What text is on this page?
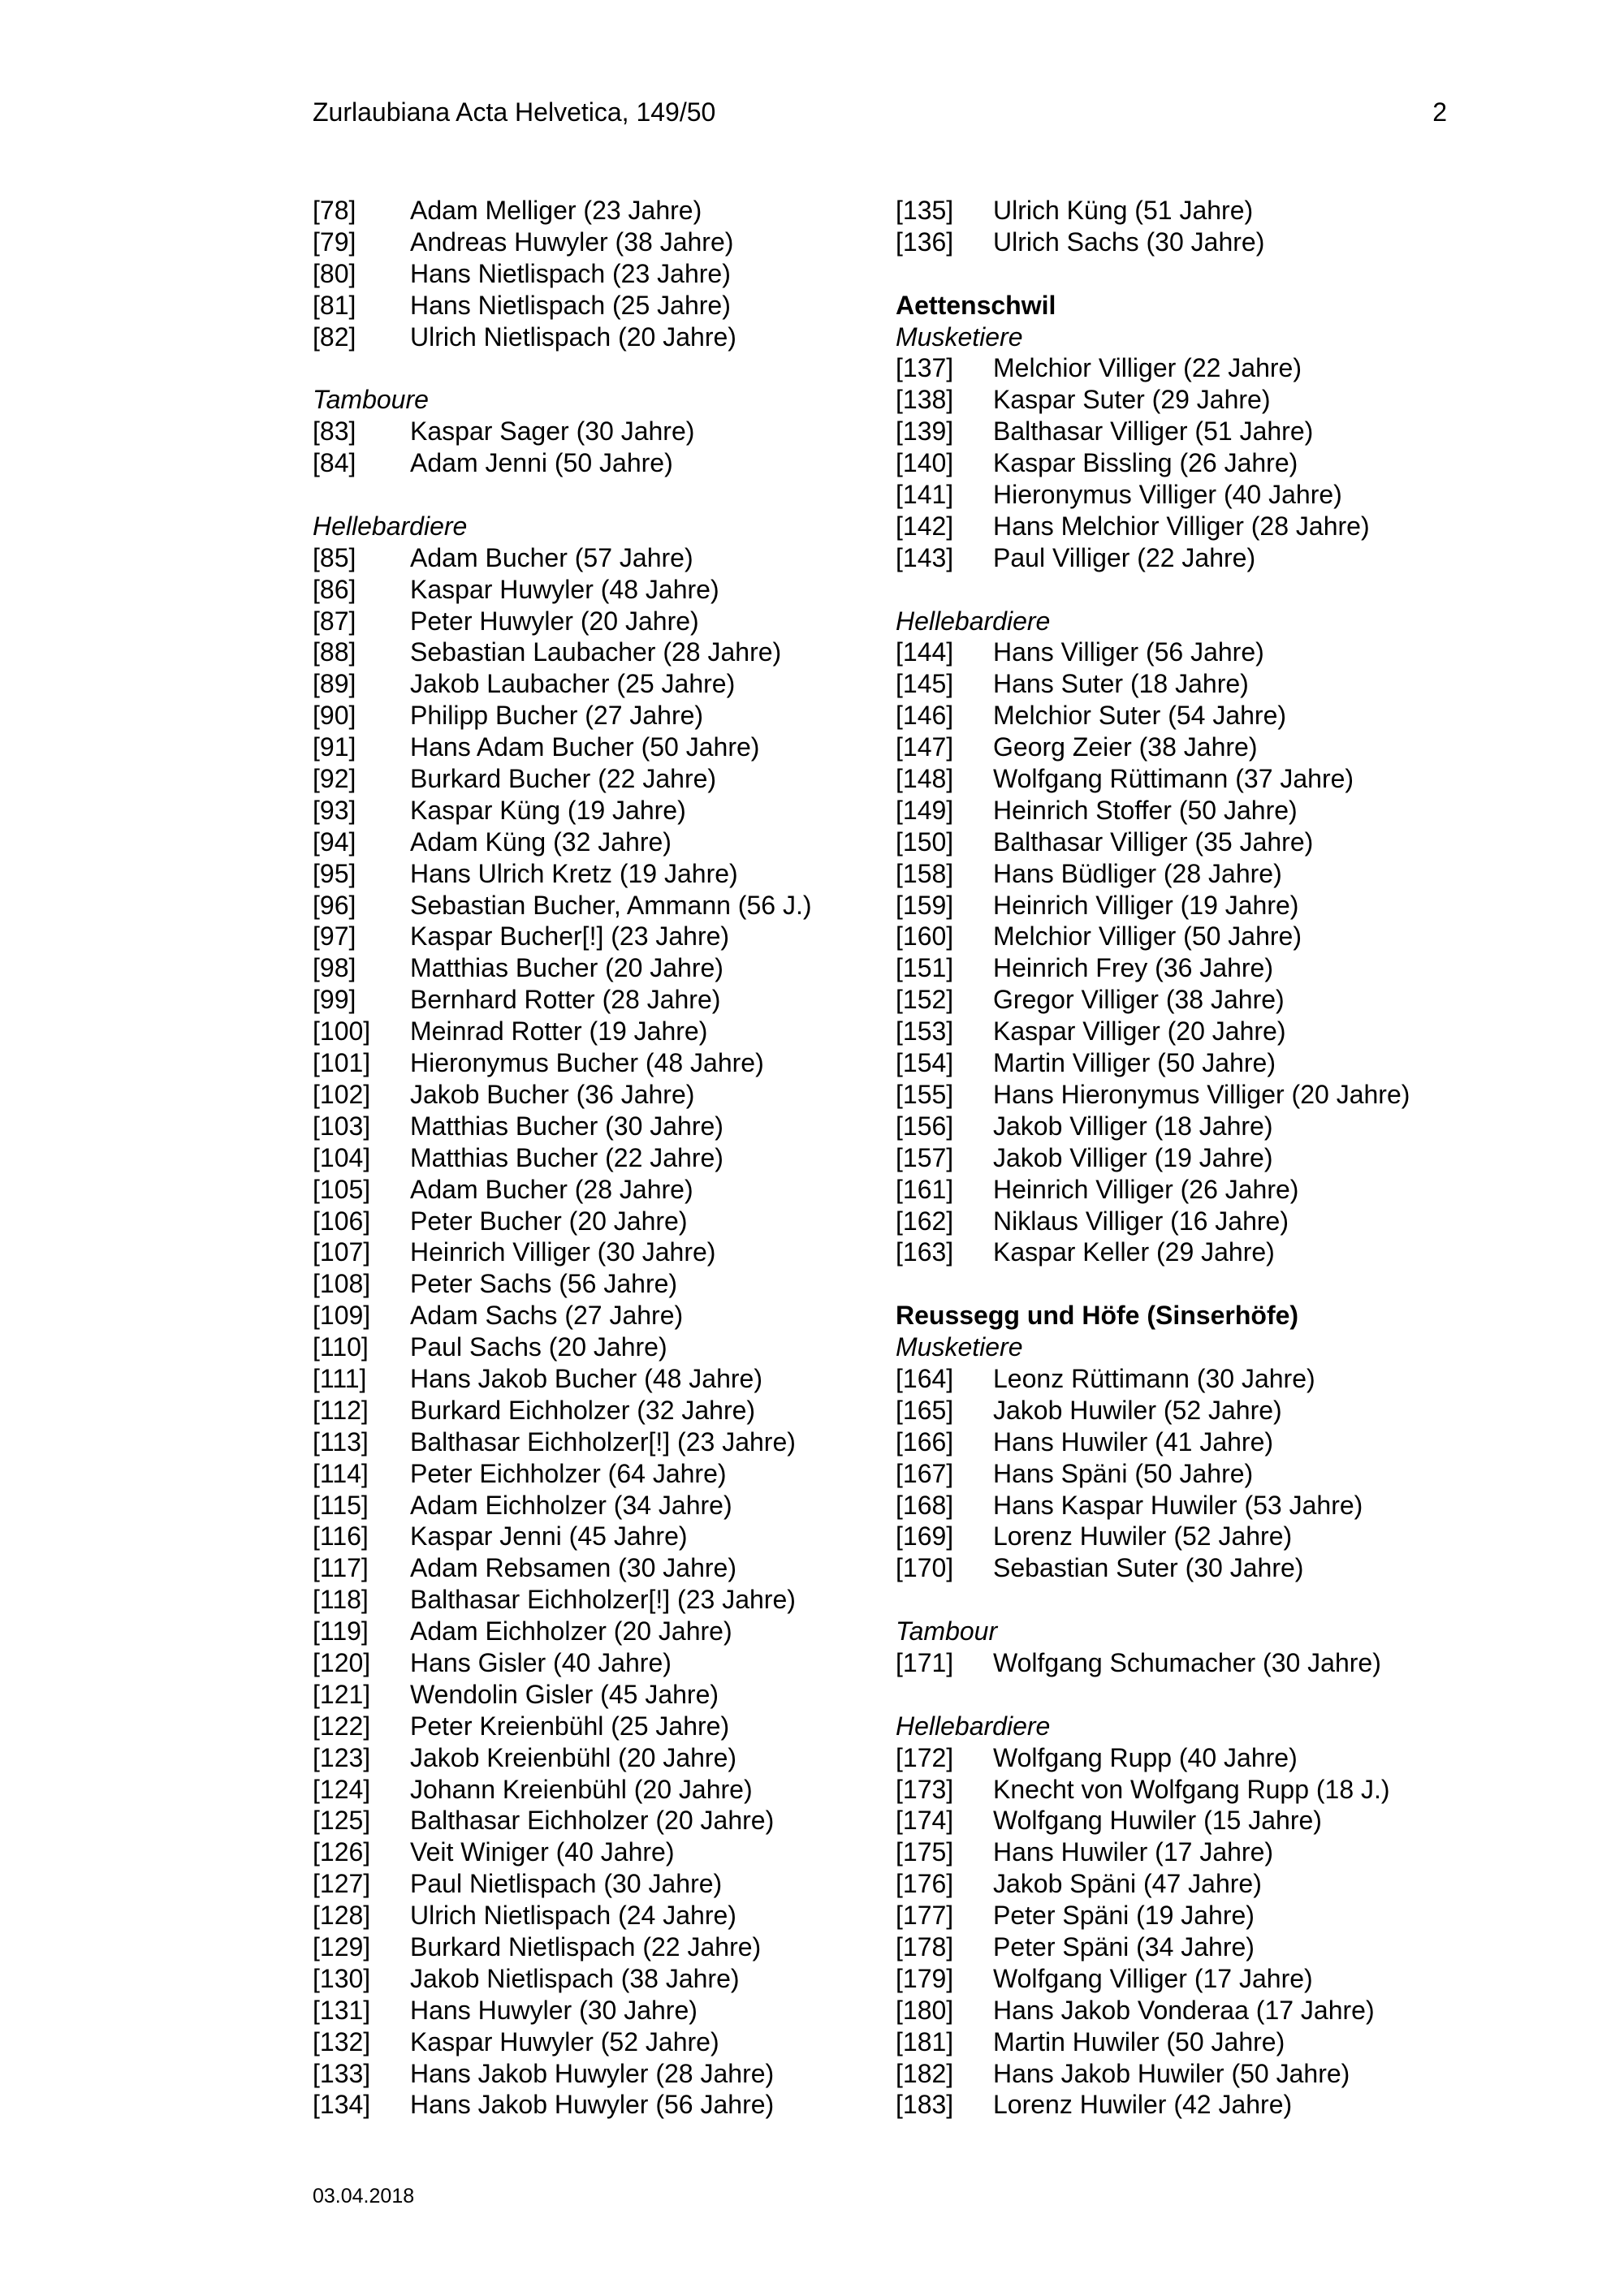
Zurlaubiana Acta Helvetica, 149/50	2
[78]	Adam Melliger (23 Jahre)
[79]	Andreas Huwyler (38 Jahre)
[80]	Hans Nietlispach (23 Jahre)
[81]	Hans Nietlispach (25 Jahre)
[82]	Ulrich Nietlispach (20 Jahre)
Tamboure
[83]	Kaspar Sager (30 Jahre)
[84]	Adam Jenni (50 Jahre)
Hellebardiere
[85]	Adam Bucher (57 Jahre)
[86]	Kaspar Huwyler (48 Jahre)
[87]	Peter Huwyler (20 Jahre)
[88]	Sebastian Laubacher (28 Jahre)
[89]	Jakob Laubacher (25 Jahre)
[90]	Philipp Bucher (27 Jahre)
[91]	Hans Adam Bucher (50 Jahre)
[92]	Burkard Bucher (22 Jahre)
[93]	Kaspar Küng (19 Jahre)
[94]	Adam Küng (32 Jahre)
[95]	Hans Ulrich Kretz (19 Jahre)
[96]	Sebastian Bucher, Ammann (56 J.)
[97]	Kaspar Bucher[!] (23 Jahre)
[98]	Matthias Bucher (20 Jahre)
[99]	Bernhard Rotter (28 Jahre)
[100]	Meinrad Rotter (19 Jahre)
[101]	Hieronymus Bucher (48 Jahre)
[102]	Jakob Bucher (36 Jahre)
[103]	Matthias Bucher (30 Jahre)
[104]	Matthias Bucher (22 Jahre)
[105]	Adam Bucher (28 Jahre)
[106]	Peter Bucher (20 Jahre)
[107]	Heinrich Villiger (30 Jahre)
[108]	Peter Sachs (56 Jahre)
[109]	Adam Sachs (27 Jahre)
[110]	Paul Sachs (20 Jahre)
[111]	Hans Jakob Bucher (48 Jahre)
[112]	Burkard Eichholzer (32 Jahre)
[113]	Balthasar Eichholzer[!] (23 Jahre)
[114]	Peter Eichholzer (64 Jahre)
[115]	Adam Eichholzer (34 Jahre)
[116]	Kaspar Jenni (45 Jahre)
[117]	Adam Rebsamen (30 Jahre)
[118]	Balthasar Eichholzer[!] (23 Jahre)
[119]	Adam Eichholzer (20 Jahre)
[120]	Hans Gisler (40 Jahre)
[121]	Wendolin Gisler (45 Jahre)
[122]	Peter Kreienbühl (25 Jahre)
[123]	Jakob Kreienbühl (20 Jahre)
[124]	Johann Kreienbühl (20 Jahre)
[125]	Balthasar Eichholzer (20 Jahre)
[126]	Veit Winiger (40 Jahre)
[127]	Paul Nietlispach (30 Jahre)
[128]	Ulrich Nietlispach (24 Jahre)
[129]	Burkard Nietlispach (22 Jahre)
[130]	Jakob Nietlispach (38 Jahre)
[131]	Hans Huwyler (30 Jahre)
[132]	Kaspar Huwyler (52 Jahre)
[133]	Hans Jakob Huwyler (28 Jahre)
[134]	Hans Jakob Huwyler (56 Jahre)
[135]	Ulrich Küng (51 Jahre)
[136]	Ulrich Sachs (30 Jahre)
Aettenschwil
Musketiere
[137]	Melchior Villiger (22 Jahre)
[138]	Kaspar Suter (29 Jahre)
[139]	Balthasar Villiger (51 Jahre)
[140]	Kaspar Bissling (26 Jahre)
[141]	Hieronymus Villiger (40 Jahre)
[142]	Hans Melchior Villiger (28 Jahre)
[143]	Paul Villiger (22 Jahre)
Hellebardiere
[144]	Hans Villiger (56 Jahre)
[145]	Hans Suter (18 Jahre)
[146]	Melchior Suter (54 Jahre)
[147]	Georg Zeier (38 Jahre)
[148]	Wolfgang Rüttimann (37 Jahre)
[149]	Heinrich Stoffer (50 Jahre)
[150]	Balthasar Villiger (35 Jahre)
[158]	Hans Büdliger (28 Jahre)
[159]	Heinrich Villiger (19 Jahre)
[160]	Melchior Villiger (50 Jahre)
[151]	Heinrich Frey (36 Jahre)
[152]	Gregor Villiger (38 Jahre)
[153]	Kaspar Villiger (20 Jahre)
[154]	Martin Villiger (50 Jahre)
[155]	Hans Hieronymus Villiger (20 Jahre)
[156]	Jakob Villiger (18 Jahre)
[157]	Jakob Villiger (19 Jahre)
[161]	Heinrich Villiger (26 Jahre)
[162]	Niklaus Villiger (16 Jahre)
[163]	Kaspar Keller (29 Jahre)
Reussegg und Höfe (Sinserhöfe)
Musketiere
[164]	Leonz Rüttimann (30 Jahre)
[165]	Jakob Huwiler (52 Jahre)
[166]	Hans Huwiler (41 Jahre)
[167]	Hans Späni (50 Jahre)
[168]	Hans Kaspar Huwiler (53 Jahre)
[169]	Lorenz Huwiler (52 Jahre)
[170]	Sebastian Suter (30 Jahre)
Tambour
[171]	Wolfgang Schumacher (30 Jahre)
Hellebardiere
[172]	Wolfgang Rupp (40 Jahre)
[173]	Knecht von Wolfgang Rupp (18 J.)
[174]	Wolfgang Huwiler (15 Jahre)
[175]	Hans Huwiler (17 Jahre)
[176]	Jakob Späni (47 Jahre)
[177]	Peter Späni (19 Jahre)
[178]	Peter Späni (34 Jahre)
[179]	Wolfgang Villiger (17 Jahre)
[180]	Hans Jakob Vonderaa (17 Jahre)
[181]	Martin Huwiler (50 Jahre)
[182]	Hans Jakob Huwiler (50 Jahre)
[183]	Lorenz Huwiler (42 Jahre)
03.04.2018
